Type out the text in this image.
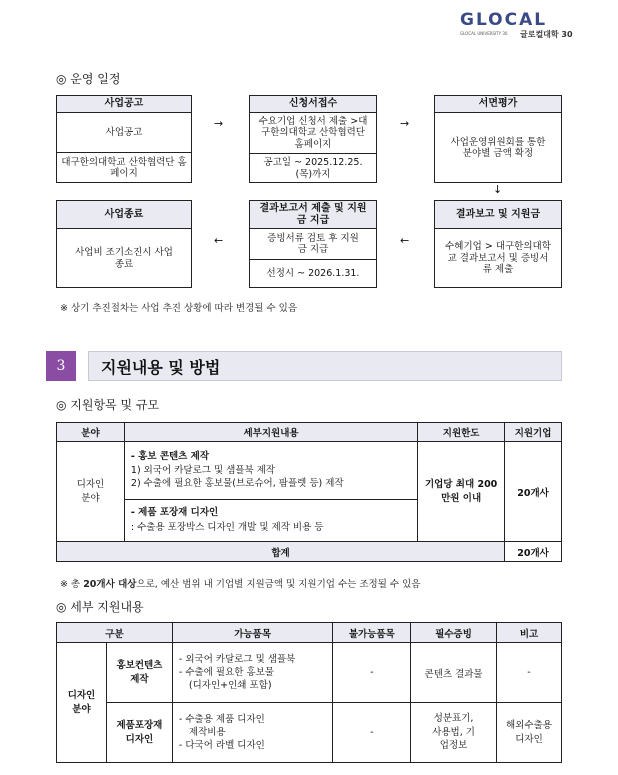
GLOCAL
GLOCAL UNIVERSITY 30 글로컬대학 30
◎ 운영 일정
사업공고
사업공고
대구한의대학교 산학협력단 홈페이지
→
신청서접수
수요기업 신청서 제출 >대구한의대학교 산학협력단 홈페이지
공고일 ~ 2025.12.25.(목)까지
→
서면평가
사업운영위원회를 통한 분야별 금액 확정
↓
사업종료
사업비 조기소진시 사업종료
←
결과보고서 제출 및 지원금 지급
증빙서류 검토 후 지원금 지급
선정시 ~ 2026.1.31.
←
결과보고 및 지원금
수혜기업 > 대구한의대학교 결과보고서 및 증빙서류 제출
※ 상기 추진절차는 사업 추진 상황에 따라 변경될 수 있음
3	지원내용 및 방법
◎ 지원항목 및 규모
분야	세부지원내용	지원한도	지원기업

디자인 분야	- 홍보 콘텐츠 제작
1) 외국어 카달로그 및 샘플북 제작
2) 수출에 필요한 홍보물(브로슈어, 팜플렛 등) 제작	기업당 최대 200만원 이내	20개사

	- 제품 포장재 디자인
: 수출용 포장박스 디자인 개발 및 제작 비용 등		

합계			20개사
※ 총 20개사 대상으로, 예산 범위 내 기업별 지원금액 및 지원기업 수는 조정될 수 있음
◎ 세부 지원내용
구분		가능품목	불가능품목	필수증빙	비고

디자인 분야	홍보컨텐츠 제작	- 외국어 카달로그 및 샘플북
- 수출에 필요한 홍보물
(디자인+인쇄 포함)	-	콘텐츠 결과물	-

	제품포장재 디자인	- 수출용 제품 디자인
제작비용
- 다국어 라벨 디자인	-	성분표기, 사용법, 기업정보	해외수출용 디자인
